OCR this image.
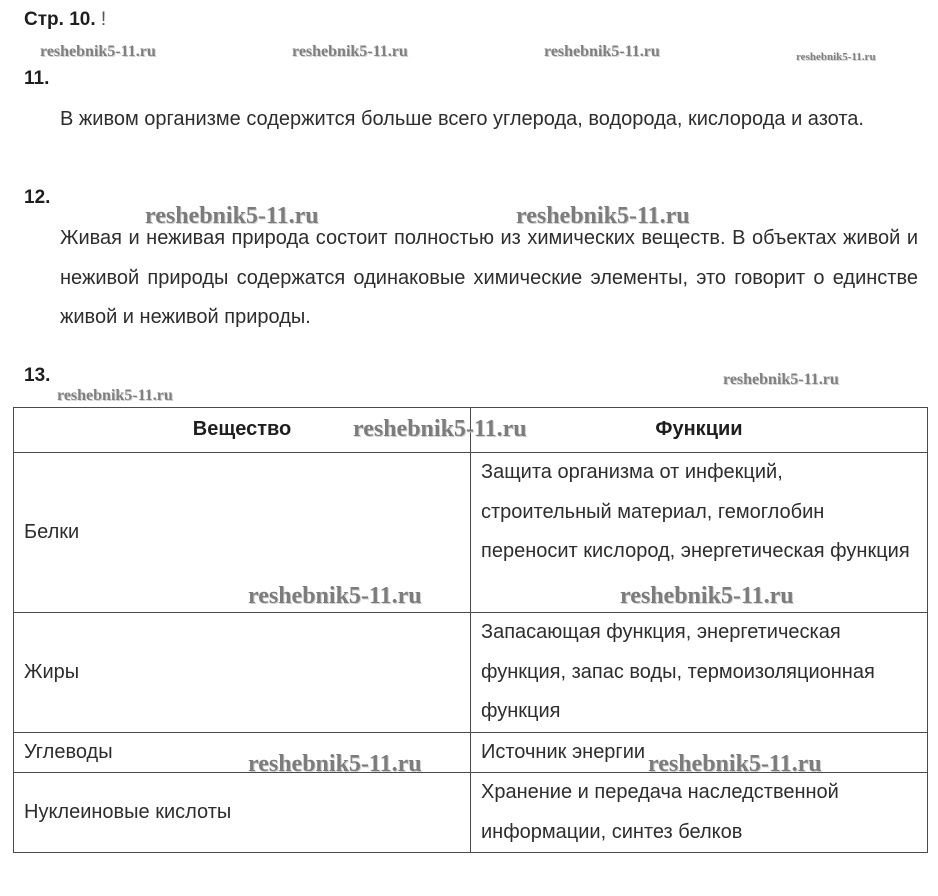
Стр. 10. !
11.
В живом организме содержится больше всего углерода, водорода, кислорода и азота.
12.
Живая и неживая природа состоит полностью из химических веществ. В объектах живой и неживой природы содержатся одинаковые химические элементы, это говорит о единстве живой и неживой природы.
13.
Вещество	Функции
Белки	Защита организма от инфекций, строительный материал, гемоглобин переносит кислород, энергетическая функция
Жиры	Запасающая функция, энергетическая функция, запас воды, термоизоляционная функция
Углеводы	Источник энергии
Нуклеиновые кислоты	Хранение и передача наследственной информации, синтез белков
reshebnik5-11.ru	reshebnik5-11.ru	reshebnik5-11.ru	reshebnik5-11.ru
reshebnik5-11.ru	reshebnik5-11.ru
reshebnik5-11.ru
reshebnik5-11.ru
reshebnik5-11.ru
reshebnik5-11.ru	reshebnik5-11.ru
reshebnik5-11.ru	reshebnik5-11.ru
